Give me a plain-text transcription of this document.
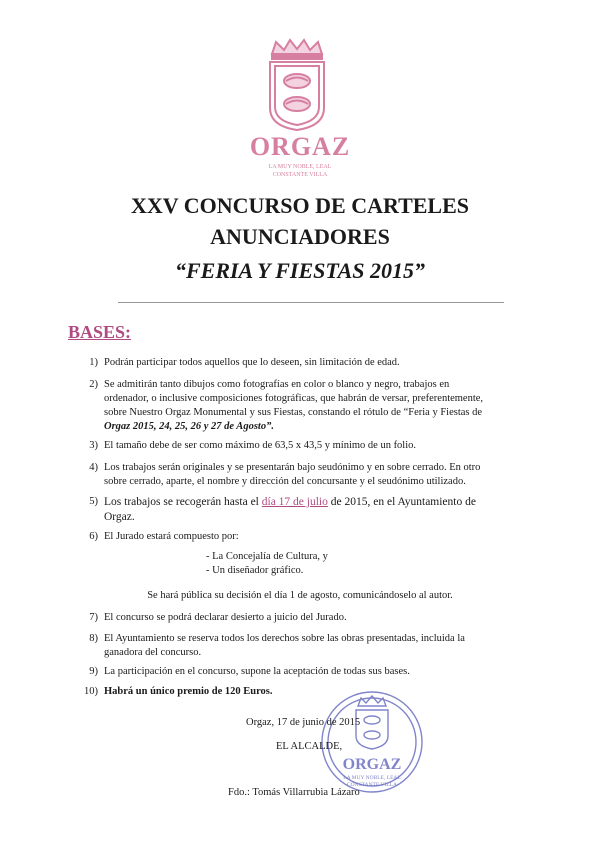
ORGAZ
LA MUY NOBLE, LEAL
CONSTANTE VILLA
XXV CONCURSO DE CARTELES
ANUNCIADORES
“FERIA Y FIESTAS 2015”
BASES:
1) Podrán participar todos aquellos que lo deseen, sin limitación de edad.
2) Se admitirán tanto dibujos como fotografías en color o blanco y negro, trabajos en
ordenador, o inclusive composiciones fotográficas, que habrán de versar, preferentemente,
sobre Nuestro Orgaz Monumental y sus Fiestas, constando el rótulo de “Feria y Fiestas de
Orgaz 2015, 24, 25, 26 y 27 de Agosto”.
3) El tamaño debe de ser como máximo de 63,5 x 43,5 y mínimo de un folio.
4) Los trabajos serán originales y se presentarán bajo seudónimo y en sobre cerrado. En otro
sobre cerrado, aparte, el nombre y dirección del concursante y el seudónimo utilizado.
5) Los trabajos se recogerán hasta el día 17 de julio de 2015, en el Ayuntamiento de
Orgaz.
6) El Jurado estará compuesto por:
- La Concejalía de Cultura, y
- Un diseñador gráfico.
Se hará pública su decisión el día 1 de agosto, comunicándoselo al autor.
7) El concurso se podrá declarar desierto a juicio del Jurado.
8) El Ayuntamiento se reserva todos los derechos sobre las obras presentadas, incluida la
ganadora del concurso.
9) La participación en el concurso, supone la aceptación de todas sus bases.
10) Habrá un único premio de 120 Euros.
ORGAZ
LA MUY NOBLE, LEAL
CONSTANTE VILLA
Orgaz, 17 de junio de 2015
EL ALCALDE,
Fdo.: Tomás Villarrubia Lázaro
